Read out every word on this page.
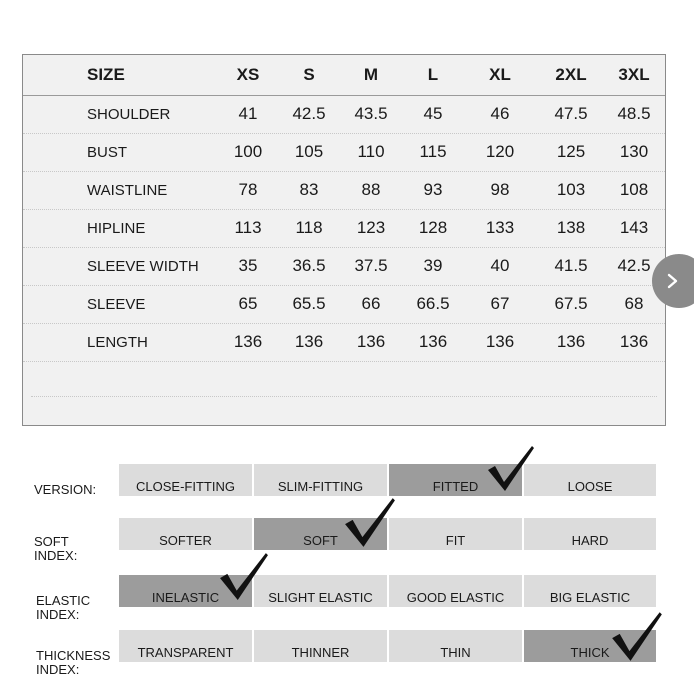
SIZE	XS	S	M	L	XL	2XL	3XL
SHOULDER	41	42.5	43.5	45	46	47.5	48.5
BUST	100	105	110	115	120	125	130
WAISTLINE	78	83	88	93	98	103	108
HIPLINE	113	118	123	128	133	138	143
SLEEVE WIDTH	35	36.5	37.5	39	40	41.5	42.5
SLEEVE	65	65.5	66	66.5	67	67.5	68
LENGTH	136	136	136	136	136	136	136
VERSION:	CLOSE-FITTING	SLIM-FITTING	FITTED	LOOSE
SOFT
INDEX:
SOFTER	SOFT	FIT	HARD
ELASTIC
INDEX:
INELASTIC	SLIGHT ELASTIC	GOOD ELASTIC	BIG ELASTIC
THICKNESS
INDEX:
TRANSPARENT	THINNER	THIN	THICK
